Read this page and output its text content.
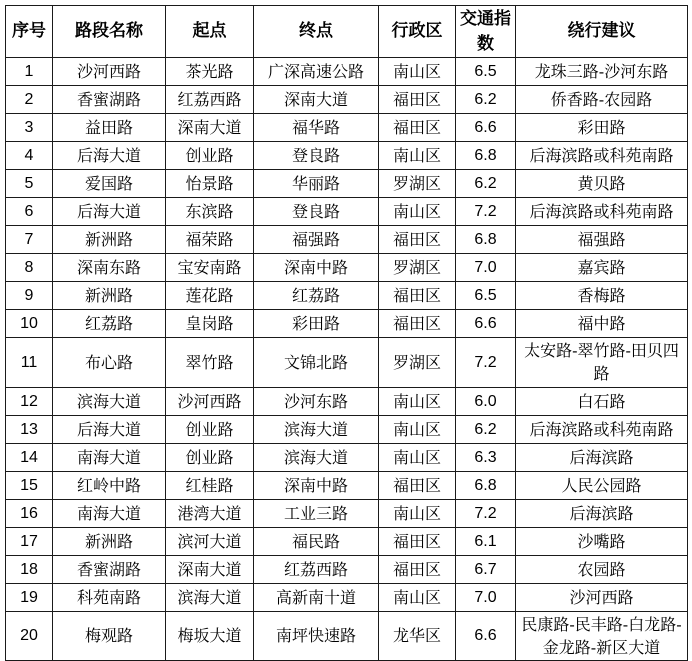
序号	路段名称	起点	终点	行政区	交通指数	绕行建议
1	沙河西路	茶光路	广深高速公路	南山区	6.5	龙珠三路-沙河东路
2	香蜜湖路	红荔西路	深南大道	福田区	6.2	侨香路-农园路
3	益田路	深南大道	福华路	福田区	6.6	彩田路
4	后海大道	创业路	登良路	南山区	6.8	后海滨路或科苑南路
5	爱国路	怡景路	华丽路	罗湖区	6.2	黄贝路
6	后海大道	东滨路	登良路	南山区	7.2	后海滨路或科苑南路
7	新洲路	福荣路	福强路	福田区	6.8	福强路
8	深南东路	宝安南路	深南中路	罗湖区	7.0	嘉宾路
9	新洲路	莲花路	红荔路	福田区	6.5	香梅路
10	红荔路	皇岗路	彩田路	福田区	6.6	福中路
11	布心路	翠竹路	文锦北路	罗湖区	7.2	太安路-翠竹路-田贝四路
12	滨海大道	沙河西路	沙河东路	南山区	6.0	白石路
13	后海大道	创业路	滨海大道	南山区	6.2	后海滨路或科苑南路
14	南海大道	创业路	滨海大道	南山区	6.3	后海滨路
15	红岭中路	红桂路	深南中路	福田区	6.8	人民公园路
16	南海大道	港湾大道	工业三路	南山区	7.2	后海滨路
17	新洲路	滨河大道	福民路	福田区	6.1	沙嘴路
18	香蜜湖路	深南大道	红荔西路	福田区	6.7	农园路
19	科苑南路	滨海大道	高新南十道	南山区	7.0	沙河西路
20	梅观路	梅坂大道	南坪快速路	龙华区	6.6	民康路-民丰路-白龙路-金龙路-新区大道
